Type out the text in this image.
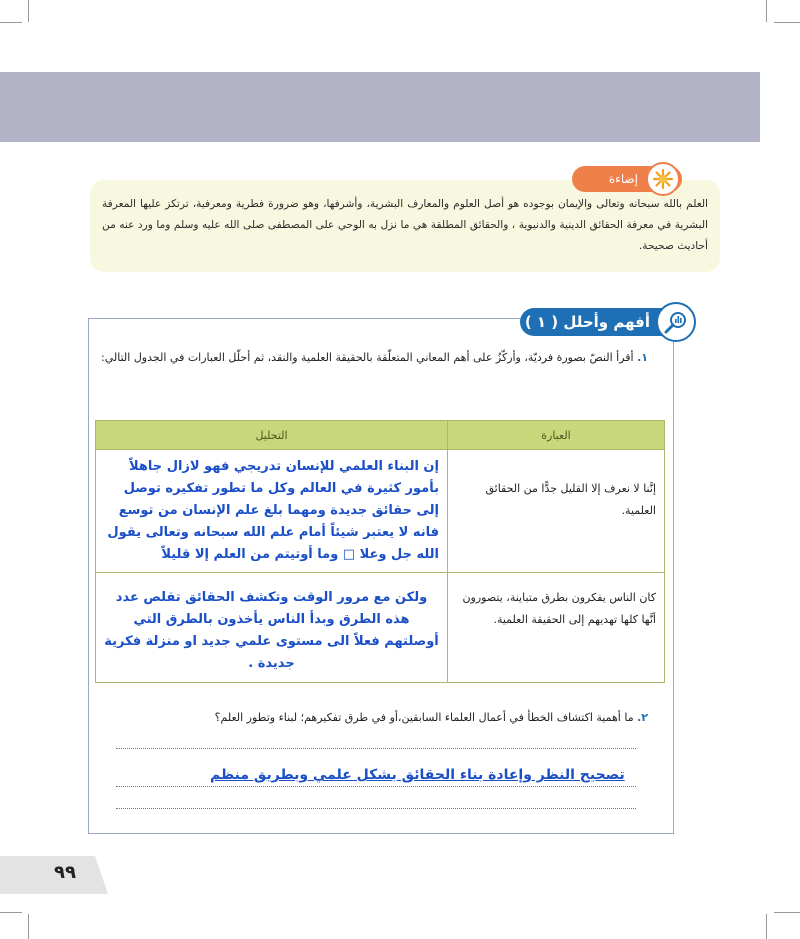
العلم بالله سبحانه وتعالى والإيمان بوجوده هو أصل العلوم والمعارف البشرية، وأشرفها، وهو ضرورة فطرية ومعرفية، ترتكز عليها المعرفة البشرية في معرفة الحقائق الدينية والدنيوية ، والحقائق المطلقة هي ما نزل به الوحي على المصطفى صلى الله عليه وسلم وما ورد عنه من أحاديث صحيحة.
إضاءة
أفهم وأحلل ( ١ )
١. أقرأ النصّ بصورة فرديّة، وأركّزُ على أهم المعاني المتعلّقة بالحقيقة العلمية والنقد، ثم أحلّل العبارات في الجدول التالي:
العبارة	التحليل
إنَّنا لا نعرف إلا القليل جدًّا من الحقائق العلمية.	إن البناء العلمي للإنسان تدريجي فهو لازال جاهلاً بأمور كثيرة في العالم وكل ما تطور تفكيره توصل إلى حقائق جديدة ومهما بلغ علم الإنسان من توسع فانه لا يعتبر شيئاً أمام علم الله سبحانه وتعالى يقول الله جل وعلا □ وما أوتيتم من العلم إلا قليلاً
كان الناس يفكرون بطرق متباينة، يتصورون أنَّها كلها تهديهم إلى الحقيقة العلمية.	ولكن مع مرور الوقت وتكشف الحقائق تقلص عدد هذه الطرق وبدأ الناس يأخذون بالطرق التي أوصلتهم فعلاً الى مستوى علمي جديد او منزلة فكرية جديدة .
٢. ما أهمية اكتشاف الخطأ في أعمال العلماء السابقين،أو في طرق تفكيرهم؛ لبناء وتطور العلم؟
تصحيح النظر وإعادة بناء الحقائق بشكل علمي وبطريق منظم
٩٩
